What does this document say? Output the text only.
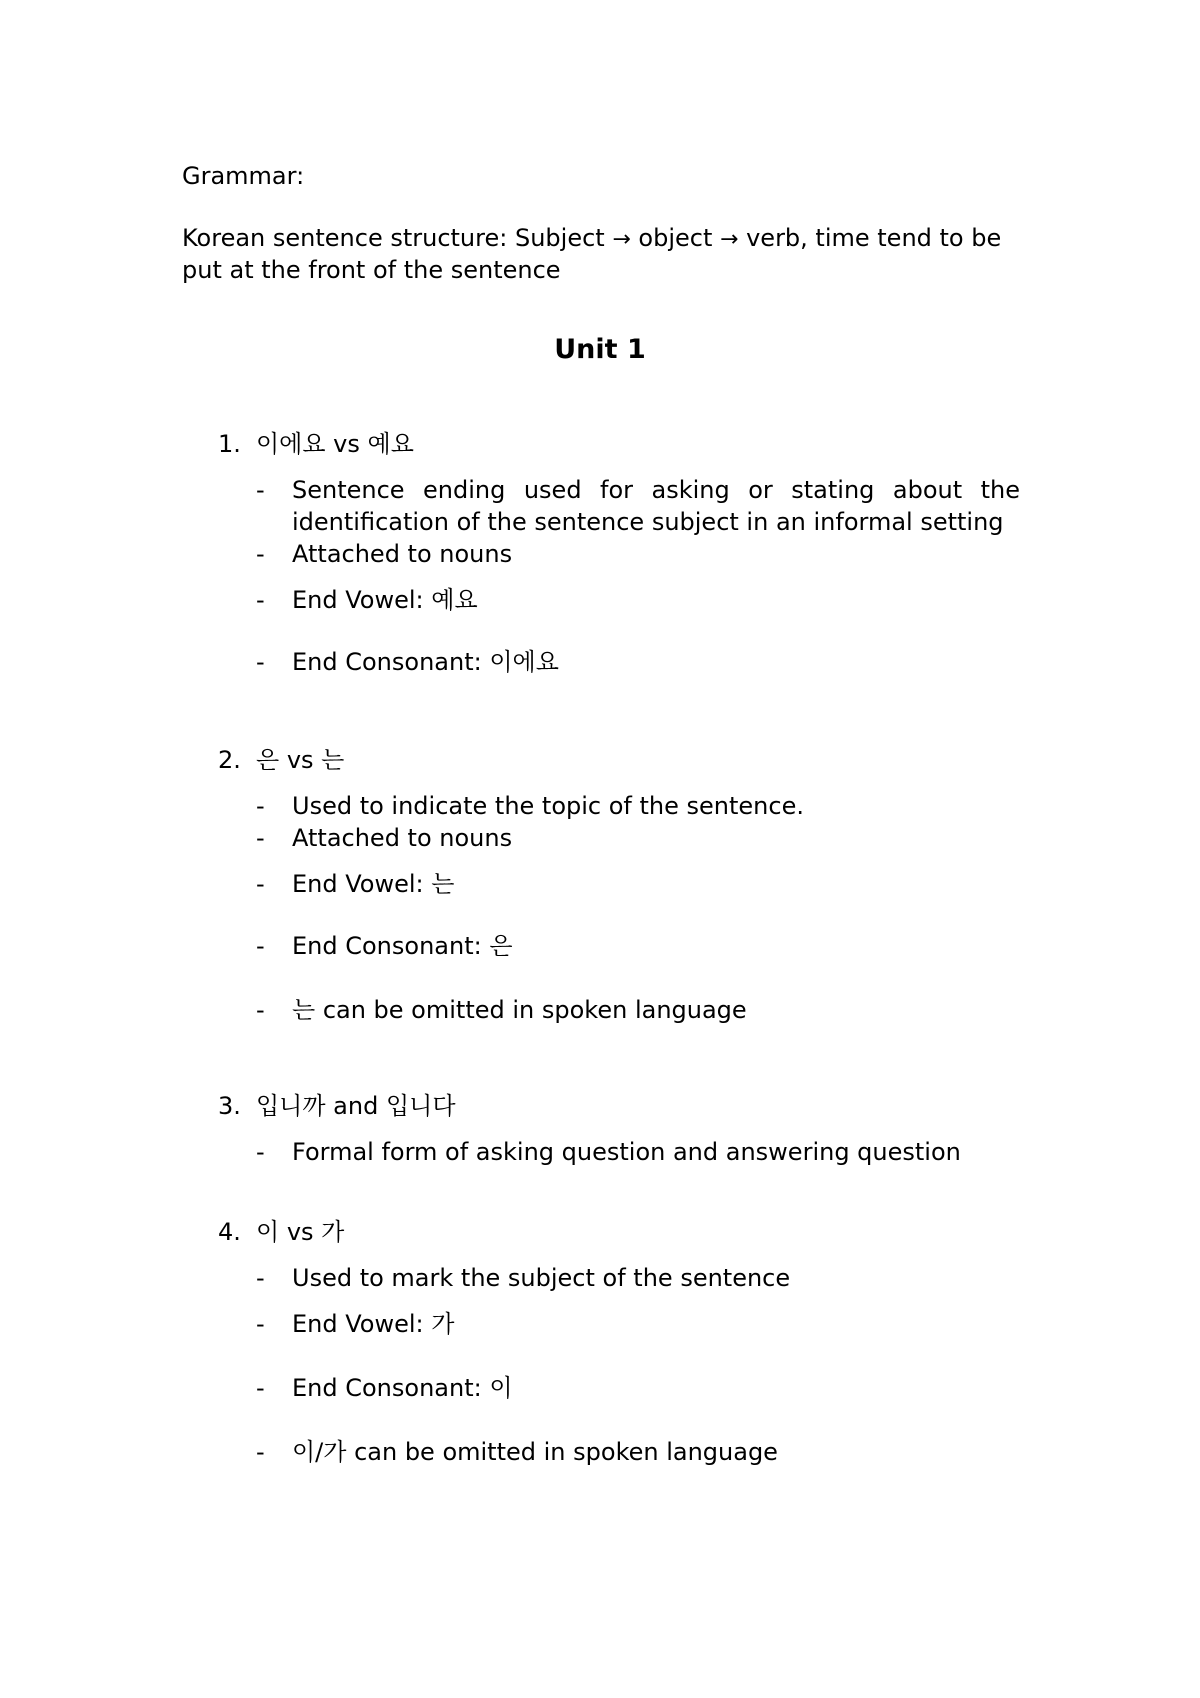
Grammar:
Korean sentence structure: Subject → object → verb, time tend to be
put at the front of the sentence
Unit 1
1. 이에요 vs 예요
- Sentence ending used for asking or stating about the
identification of the sentence subject in an informal setting
- Attached to nouns
- End Vowel: 예요
- End Consonant: 이에요
2. 은 vs 는
- Used to indicate the topic of the sentence.
- Attached to nouns
- End Vowel: 는
- End Consonant: 은
- 는 can be omitted in spoken language
3. 입니까 and 입니다
- Formal form of asking question and answering question
4. 이 vs 가
- Used to mark the subject of the sentence
- End Vowel: 가
- End Consonant: 이
- 이/가 can be omitted in spoken language
